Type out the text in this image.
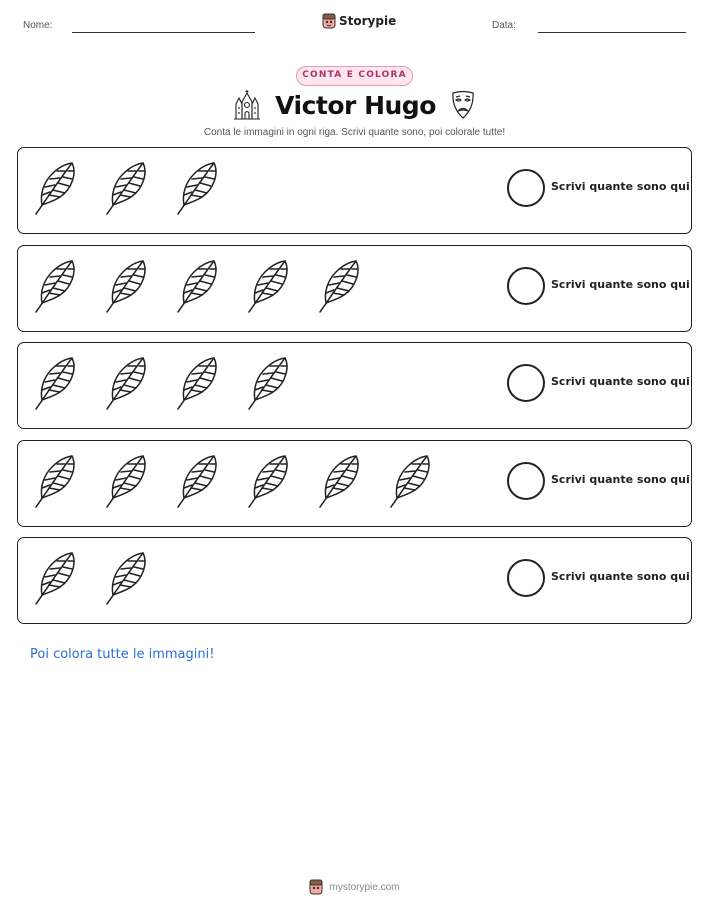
Nome:	Storypie	Data:
CONTA E COLORA
Victor Hugo
Conta le immagini in ogni riga. Scrivi quante sono, poi colorale tutte!
Scrivi quante sono qui
Scrivi quante sono qui
Scrivi quante sono qui
Scrivi quante sono qui
Scrivi quante sono qui
Poi colora tutte le immagini!
mystorypie.com
